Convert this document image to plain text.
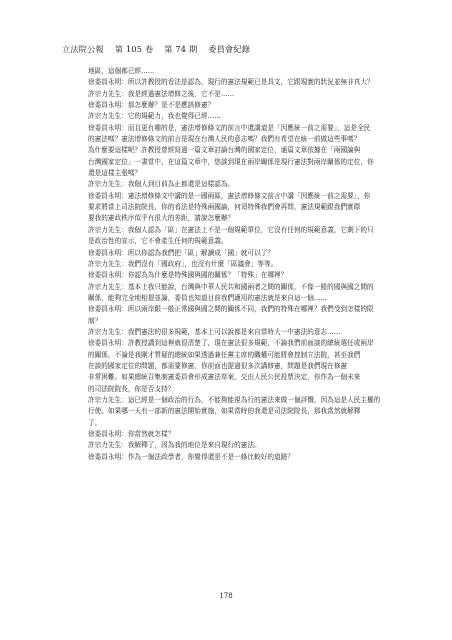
立法院公報 第 105 卷 第 74 期 委員會紀錄
地區，這個都已經……
徐委員永明：所以許教授的看法是認為，現行的憲法規範已是具文，它跟現實的狀況並無非真大？
許宗力先生：我是經過憲法增修之後，它不是……
徐委員永明：那怎麼辦？是不是應該修憲？
許宗力先生：它的規範力，我也覺得已經……
徐委員永明：而且更有趣的是，憲法增修條文的前言中還講道是「因應統一前之需要」，這是全民
的憲法嗎？憲法增修條文的前言是現在台灣人民的意志嗎？我們有希望在統一前做這些事嗎？
為什麼要這樣呢？許教授曾經寫過一篇文章討論台灣的國家定位，通篇文章依據在「兩國論與
台灣國家定位」一書當中，在這篇文章中，您談到現在兩岸關係是現行憲法對兩岸關係的定位，你
還是這樣主張嗎？
許宗力先生：我個人到目前為止都還是這樣認為。
徐委員永明：憲法增修條文中講的是一國兩區，憲法增修條文前言中講「因應統一前之需要」，你
要求將當上司法院院長，你的看法是特殊兩國論，何須特殊我們會再問，憲法規範跟我們實際
要我的憲政秩序似乎有很大的差距，請說怎麼辦？
許宗力先生：我個人認為「區」在憲法上不是一個規範單位，它沒有任何的規範意義，它剩下的只
是政治性的宣示，它不會產生任何的規範意義。
徐委員永明：所以你認為我們把「區」解讀成「國」就可以了？
許宗力先生：我們沒有「國政府」，也沒有什麼「區議會」等等。
徐委員永明：你認為為什麼是特殊國與國的關係？「特殊」在哪裡？
許宗力先生：基本上我只能說，台灣與中華人民共和國兩者之間的關係，不像一般的國與國之間的
關係，能夠完全地相提並論，委員也知道目前我們適用的憲法就是來自這一個……
徐委員永明：所以兩岸跟一般正常國與國之間的關係不同，我們的特殊在哪裡？我們受到怎樣的限
制？
許宗力先生：我們憲法的很多規範，基本上可以說都是來自當時大一中憲法的意志……
徐委員永明：許教授講到這裡就很清楚了，現在憲法很多規範，不論我們前面談的總統選任或兩岸
的關係，不論是我剛才質疑的總統如果透過兼任黨主席的職權可能將會控制立法院，甚至我們
在談的國家定位的問題，都需要修憲，你前面也提過很多次講修憲，問題是我們現在修憲
非常困難。如果總統召集制憲委員會形成憲法草案，交由人民公民投票決定，你作為一個未來
的司法院院長，你是否支持？
許宗力先生：這已經是一個政治的行為，不能夠能視為行的憲法來做一個評價，因為這是人民主權的
行使。如果哪一天有一部新的憲法開始實施，如果當時的我還是司法院院長，那我當然就解釋
了。
徐委員永明：你當然就怎樣？
許宗力先生：我解釋了，因為我的地位是來自現行的憲法。
徐委員永明：作為一個法政學者，你覺得還是不是一條比較好的道路？
178
